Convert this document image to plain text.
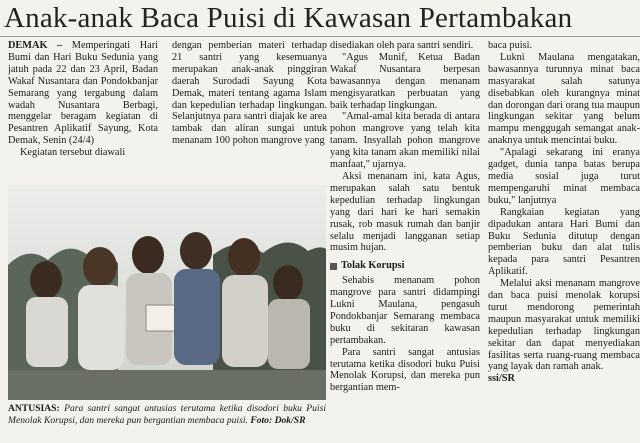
Anak-anak Baca Puisi di Kawasan Pertambakan

DEMAK – Memperingati Hari Bumi dan Hari Buku Sedunia yang jatuh pada 22 dan 23 April, Badan Wakaf Nusantara dan Pondokbanjar Semarang yang tergabung dalam wadah Nusantara Berbagi, menggelar beragam kegiatan di Pesantren Aplikatif Sayung, Kota Demak, Senin (24/4)

Kegiatan tersebut diawali

dengan pemberian materi terhadap 21 santri yang kesemuanya merupakan anak-anak pinggiran daerah Surodadi Sayung Kota Demak, materi tentang agama Islam dan kepedulian terhadap lingkungan. Selanjutnya para santri diajak ke area tambak dan aliran sungai untuk menanam 100 pohon mangrove yang

ANTUSIAS: Para santri sangat antusias terutama ketika disodori buku Puisi Menolak Korupsi, dan mereka pun bergantian membaca puisi. Foto: Dok/SR

disediakan oleh para santri sendiri.

"Agus Munif, Ketua Badan Wakaf Nusantara berpesan bawasannya dengan menanam mengisyaratkan perbuatan yang baik terhadap lingkungan.

"Amal-amal kita berada di antara pohon mangrove yang telah kita tanam. Insyallah pohon mangrove yang kita tanam akan memiliki nilai manfaat," ujarnya.

Aksi menanam ini, kata Agus, merupakan salah satu bentuk kepedulian terhadap lingkungan yang dari hari ke hari semakin rusak, rob masuk rumah dan banjir selalu menjadi langganan setiap musim hujan.

Tolak Korupsi

Sehabis menanam pohon mangrove para santri didampingi Lukni Maulana, pengasuh Pondokbanjar Semarang membaca buku di sekitaran kawasan pertambakan.

Para santri sangat antusias terutama ketika disodori buku Puisi Menolak Korupsi, dan mereka pun bergantian mem-

baca puisi.

Lukni Maulana mengatakan, bawasannya turunnya minat baca masyarakat salah satunya disebabkan oleh kurangnya minat dan dorongan dari orang tua maupun lingkungan sekitar yang belum mampu menggugah semangat anak-anaknya untuk mencintai buku.

"Apalagi sekarang ini eranya gadget, dunia tanpa batas berupa media sosial juga turut mempengaruhi minat membaca buku," lanjutnya

Rangkaian kegiatan yang dipadukan antara Hari Bumi dan Buku Sedunia ditutup dengan pemberian buku dan alat tulis kepada para santri Pesantren Aplikatif.

Melalui aksi menanam mangrove dan baca puisi menolak korupsi turut mendorong pemerintah maupun masyarakat untuk memiliki kepedulian terhadap lingkungan sekitar dan dapat menyediakan fasilitas serta ruang-ruang membaca yang layak dan ramah anak.

ssi/SR
